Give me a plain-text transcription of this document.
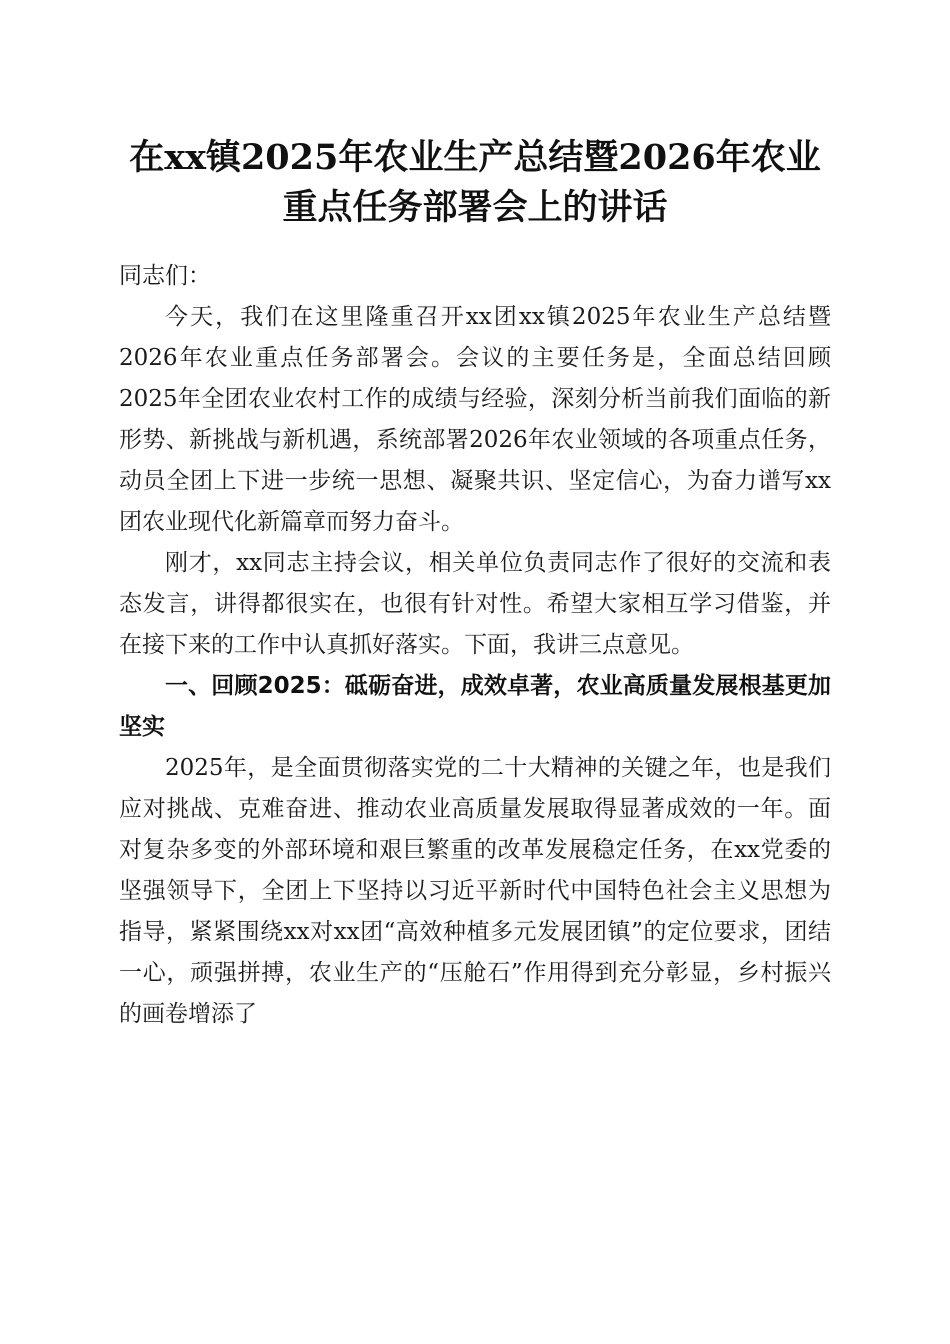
在xx镇2025年农业生产总结暨2026年农业
重点任务部署会上的讲话

同志们：

今天，我们在这里隆重召开xx团xx镇2025年农业生产总结暨2026年农业重点任务部署会。会议的主要任务是，全面总结回顾2025年全团农业农村工作的成绩与经验，深刻分析当前我们面临的新形势、新挑战与新机遇，系统部署2026年农业领域的各项重点任务，动员全团上下进一步统一思想、凝聚共识、坚定信心，为奋力谱写xx团农业现代化新篇章而努力奋斗。

刚才，xx同志主持会议，相关单位负责同志作了很好的交流和表态发言，讲得都很实在，也很有针对性。希望大家相互学习借鉴，并在接下来的工作中认真抓好落实。下面，我讲三点意见。

一、回顾2025：砥砺奋进，成效卓著，农业高质量发展根基更加坚实

2025年，是全面贯彻落实党的二十大精神的关键之年，也是我们应对挑战、克难奋进、推动农业高质量发展取得显著成效的一年。面对复杂多变的外部环境和艰巨繁重的改革发展稳定任务，在xx党委的坚强领导下，全团上下坚持以习近平新时代中国特色社会主义思想为指导，紧紧围绕xx对xx团“高效种植多元发展团镇”的定位要求，团结一心，顽强拼搏，农业生产的“压舱石”作用得到充分彰显，乡村振兴的画卷增添了
